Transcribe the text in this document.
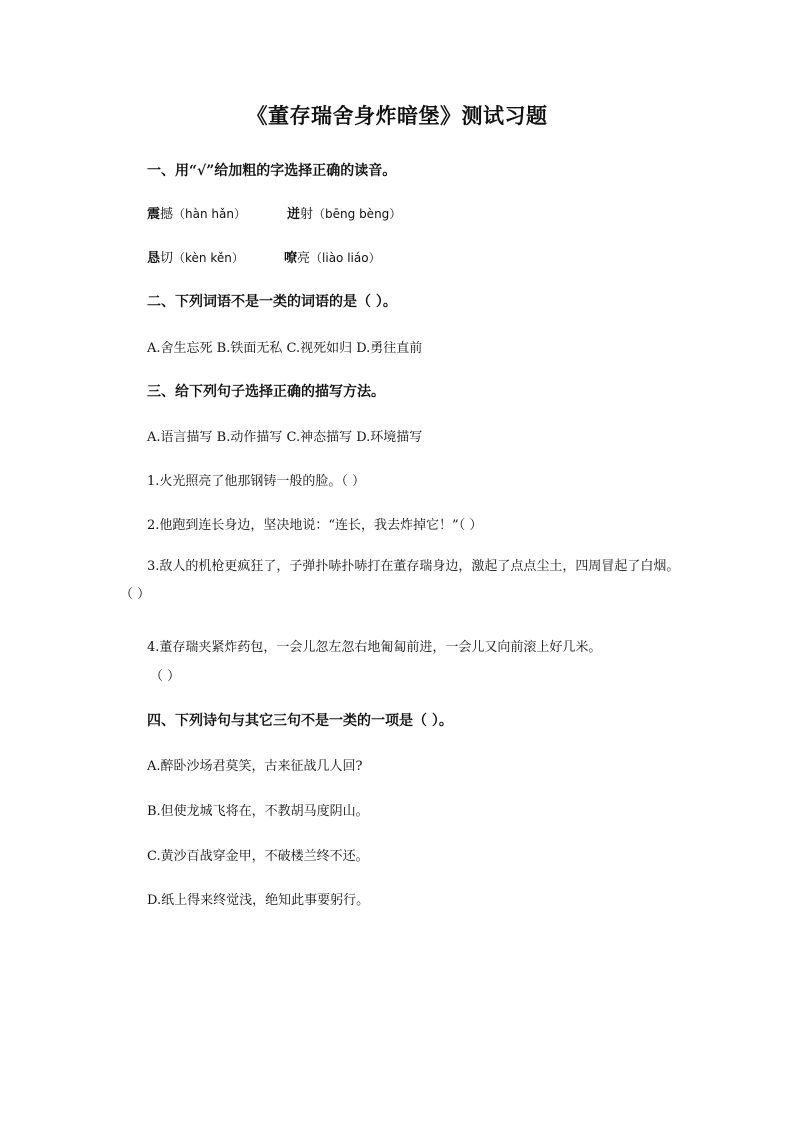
《董存瑞舍身炸暗堡》测试习题
一、用“√”给加粗的字选择正确的读音。
震撼（hàn hǎn）	迸射（bēng bèng）
恳切（kèn kěn）	嘹亮（liào liáo）
二、下列词语不是一类的词语的是（ ）。
A.舍生忘死 B.铁面无私 C.视死如归 D.勇往直前
三、给下列句子选择正确的描写方法。
A.语言描写 B.动作描写 C.神态描写 D.环境描写
1.火光照亮了他那钢铸一般的脸。（ ）
2.他跑到连长身边，坚决地说：“连长，我去炸掉它！”（ ）
3.敌人的机枪更疯狂了，子弹扑哧扑哧打在董存瑞身边，激起了点点尘土，四周冒起了白烟。（ ）
4.董存瑞夹紧炸药包，一会儿忽左忽右地匍匐前进，一会儿又向前滚上好几米。
（ ）
四、下列诗句与其它三句不是一类的一项是（ ）。
A.醉卧沙场君莫笑，古来征战几人回?
B.但使龙城飞将在，不教胡马度阴山。
C.黄沙百战穿金甲，不破楼兰终不还。
D.纸上得来终觉浅，绝知此事要躬行。
